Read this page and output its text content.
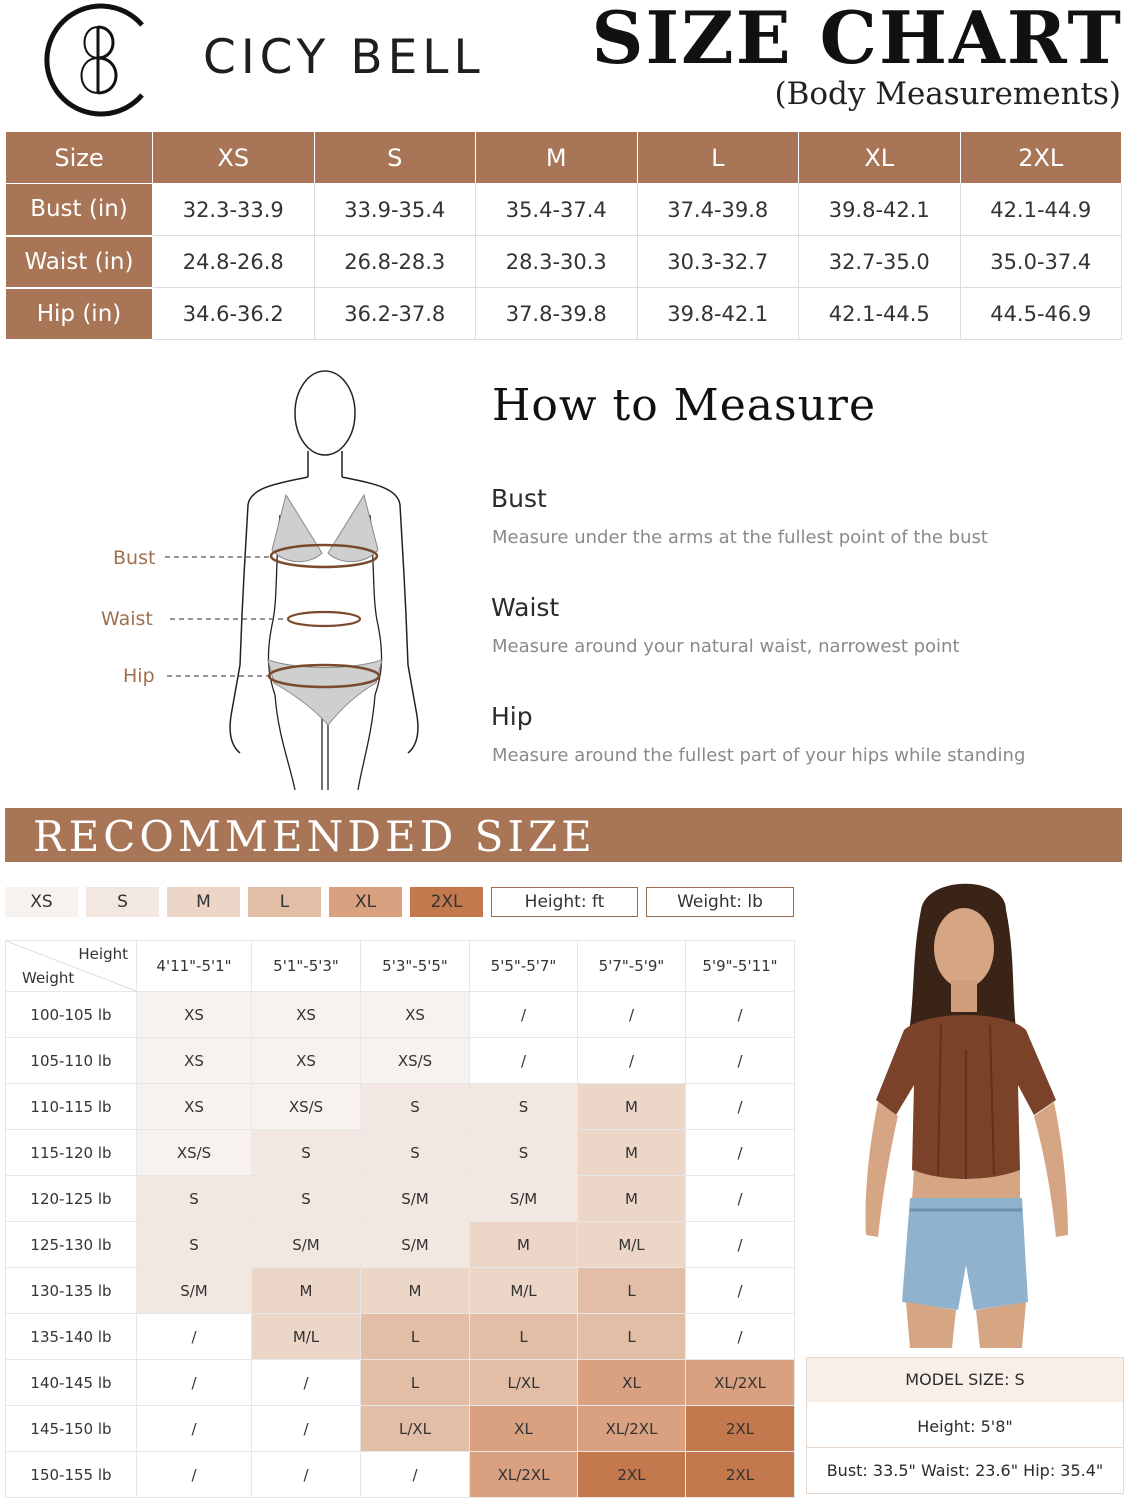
CICY BELL SIZE CHART
(Body Measurements)
Size	XS	S	M	L	XL	2XL
Bust (in)	32.3-33.9	33.9-35.4	35.4-37.4	37.4-39.8	39.8-42.1	42.1-44.9
Waist (in)	24.8-26.8	26.8-28.3	28.3-30.3	30.3-32.7	32.7-35.0	35.0-37.4
Hip (in)	34.6-36.2	36.2-37.8	37.8-39.8	39.8-42.1	42.1-44.5	44.5-46.9
Bust
Waist
Hip
How to Measure
Bust
Measure under the arms at the fullest point of the bust
Waist
Measure around your natural waist, narrowest point
Hip
Measure around the fullest part of your hips while standing
RECOMMENDED SIZE
XS	S	M	L	XL	2XL	Height: ft	Weight: lb
Height
Weight	4'11"-5'1"	5'1"-5'3"	5'3"-5'5"	5'5"-5'7"	5'7"-5'9"	5'9"-5'11"
100-105 lb	XS	XS	XS	/	/	/
105-110 lb	XS	XS	XS/S	/	/	/
110-115 lb	XS	XS/S	S	S	M	/
115-120 lb	XS/S	S	S	S	M	/
120-125 lb	S	S	S/M	S/M	M	/
125-130 lb	S	S/M	S/M	M	M/L	/
130-135 lb	S/M	M	M	M/L	L	/
135-140 lb	/	M/L	L	L	L	/
140-145 lb	/	/	L	L/XL	XL	XL/2XL
145-150 lb	/	/	L/XL	XL	XL/2XL	2XL
150-155 lb	/	/	/	XL/2XL	2XL	2XL
MODEL SIZE: S
Height: 5'8"
Bust: 33.5" Waist: 23.6" Hip: 35.4"
